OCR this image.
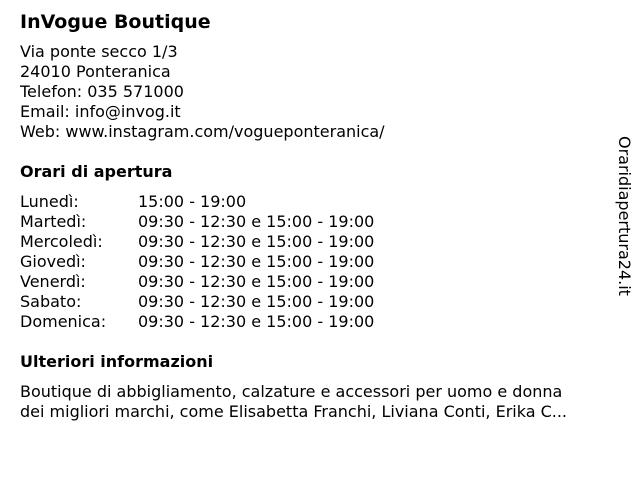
InVogue Boutique
Via ponte secco 1/3
24010 Ponteranica
Telefon: 035 571000
Email: info@invog.it
Web: www.instagram.com/vogueponteranica/
Orari di apertura
Lunedì:	15:00 - 19:00
Martedì:	09:30 - 12:30 e 15:00 - 19:00
Mercoledì:	09:30 - 12:30 e 15:00 - 19:00
Giovedì:	09:30 - 12:30 e 15:00 - 19:00
Venerdì:	09:30 - 12:30 e 15:00 - 19:00
Sabato:	09:30 - 12:30 e 15:00 - 19:00
Domenica:	09:30 - 12:30 e 15:00 - 19:00
Ulteriori informazioni
Boutique di abbigliamento, calzature e accessori per uomo e donna
dei migliori marchi, come Elisabetta Franchi, Liviana Conti, Erika C...
Oraridiapertura24.it
